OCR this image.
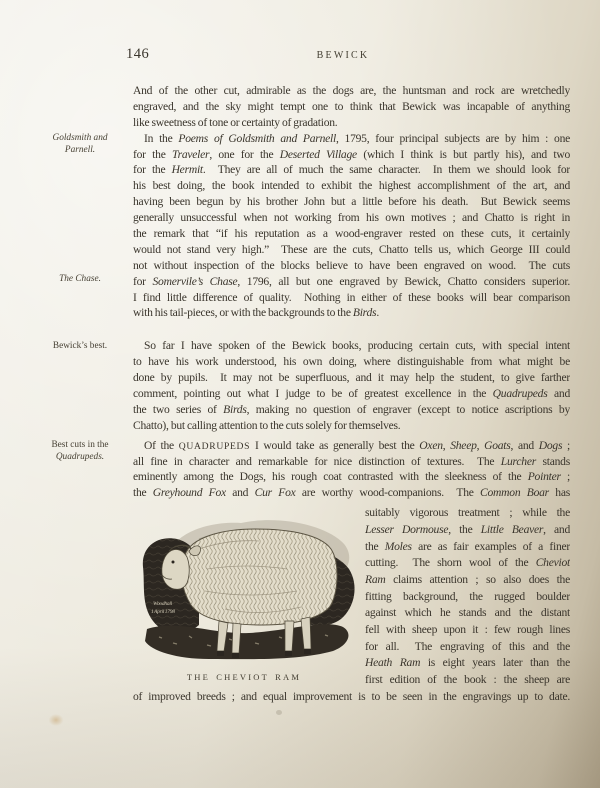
146	BEWICK
Goldsmith and
Parnell.
The Chase.
Bewick’s best.
Best cuts in the
Quadrupeds.
And of the other cut, admirable as the dogs are, the huntsman and rock are wretchedly
engraved, and the sky might tempt one to think that Bewick was incapable of anything
like sweetness of tone or certainty of gradation.
In the Poems of Goldsmith and Parnell, 1795, four principal subjects are by him : one
for the Traveler, one for the Deserted Village (which I think is but partly his), and two
for the Hermit.  They are all of much the same character.  In them we should look for
his best doing, the book intended to exhibit the highest accomplishment of the art, and
having been begun by his brother John but a little before his death.  But Bewick seems
generally unsuccessful when not working from his own motives ; and Chatto is right in
the remark that “if his reputation as a wood-engraver rested on these cuts, it certainly
would not stand very high.”  These are the cuts, Chatto tells us, which George III could
not without inspection of the blocks believe to have been engraved on wood.  The cuts
for Somervile’s Chase, 1796, all but one engraved by Bewick, Chatto considers superior.
I find little difference of quality.  Nothing in either of these books will bear comparison
with his tail-pieces, or with the backgrounds to the Birds.
So far I have spoken of the Bewick books, producing certain cuts, with special intent
to have his work understood, his own doing, where distinguishable from what might be
done by pupils.  It may not be superfluous, and it may help the student, to give farther
comment, pointing out what I judge to be of greatest excellence in the Quadrupeds and
the two series of Birds, making no question of engraver (except to notice ascriptions by
Chatto), but calling attention to the cuts solely for themselves.
Of the QUADRUPEDS I would take as generally best the Oxen, Sheep, Goats, and Dogs ;
all fine in character and remarkable for nice distinction of textures.  The Lurcher stands
eminently among the Dogs, his rough coat contrasted with the sleekness of the Pointer ;
the Greyhound Fox and Cur Fox are worthy wood-companions.  The Common Boar has
Woodhall
1 April 1798
THE CHEVIOT RAM
suitably vigorous treatment ; while the
Lesser Dormouse, the Little Beaver, and
the Moles are as fair examples of a finer
cutting.  The shorn wool of the Cheviot
Ram claims attention ; so also does the
fitting background, the rugged boulder
against which he stands and the distant
fell with sheep upon it : few rough lines
for all.  The engraving of this and the
Heath Ram is eight years later than the
first edition of the book : the sheep are
of improved breeds ; and equal improvement is to be seen in the engravings up to date.
